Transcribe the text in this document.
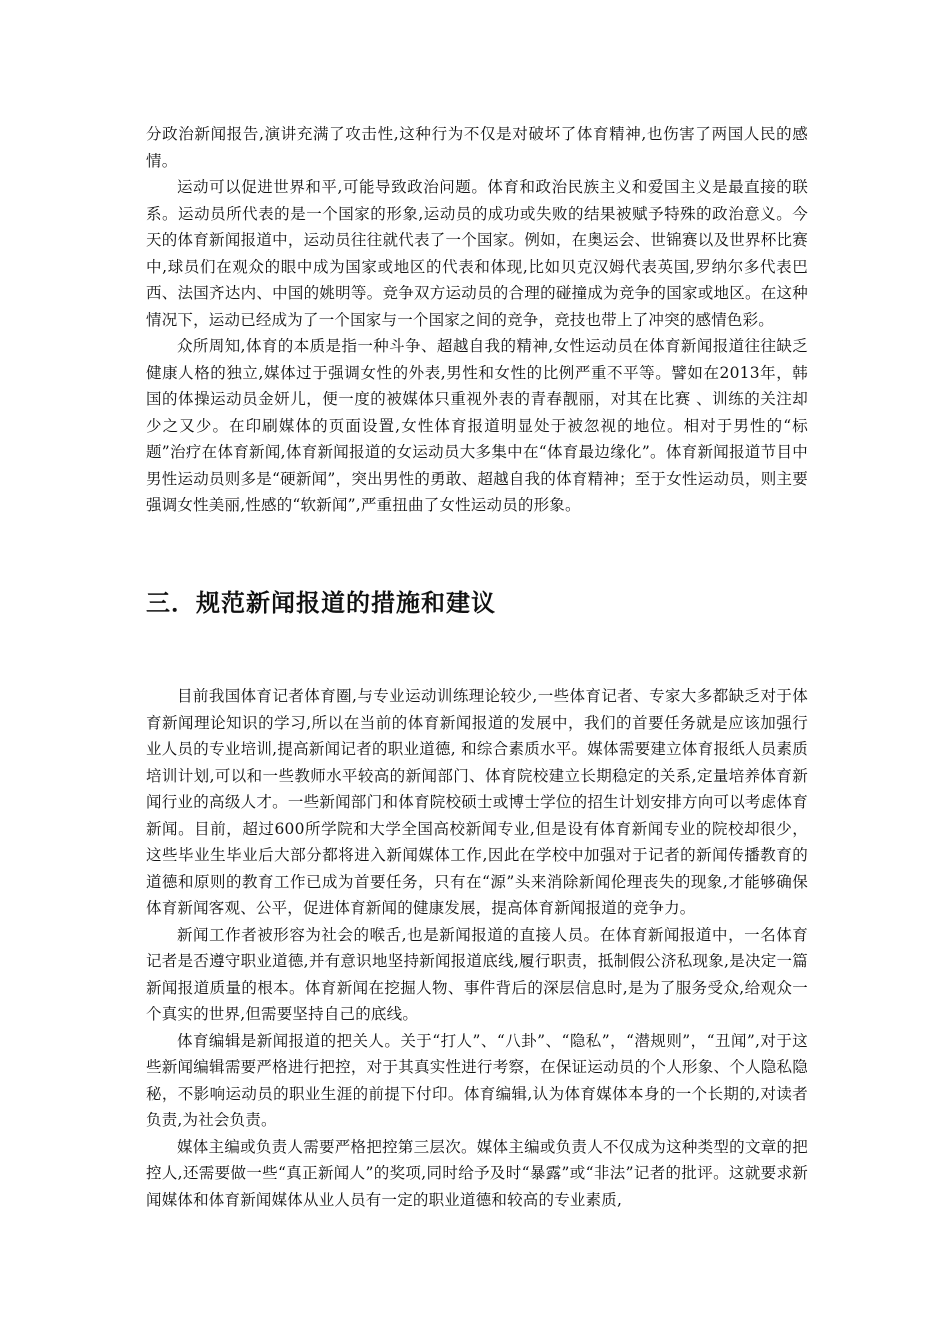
分政治新闻报告,演讲充满了攻击性,这种行为不仅是对破坏了体育精神,也伤害了两国人民的感情。

运动可以促进世界和平,可能导致政治问题。体育和政治民族主义和爱国主义是最直接的联系。运动员所代表的是一个国家的形象,运动员的成功或失败的结果被赋予特殊的政治意义。今天的体育新闻报道中，运动员往往就代表了一个国家。例如，在奥运会、世锦赛以及世界杯比赛中,球员们在观众的眼中成为国家或地区的代表和体现,比如贝克汉姆代表英国,罗纳尔多代表巴西、法国齐达内、中国的姚明等。竞争双方运动员的合理的碰撞成为竞争的国家或地区。在这种情况下，运动已经成为了一个国家与一个国家之间的竞争，竞技也带上了冲突的感情色彩。

众所周知,体育的本质是指一种斗争、超越自我的精神,女性运动员在体育新闻报道往往缺乏健康人格的独立,媒体过于强调女性的外表,男性和女性的比例严重不平等。譬如在2013年，韩国的体操运动员金妍儿，便一度的被媒体只重视外表的青春靓丽，对其在比赛 、训练的关注却少之又少。在印刷媒体的页面设置,女性体育报道明显处于被忽视的地位。相对于男性的“标题”治疗在体育新闻,体育新闻报道的女运动员大多集中在“体育最边缘化”。体育新闻报道节目中男性运动员则多是“硬新闻”，突出男性的勇敢、超越自我的体育精神；至于女性运动员，则主要强调女性美丽,性感的“软新闻”,严重扭曲了女性运动员的形象。

三．规范新闻报道的措施和建议

目前我国体育记者体育圈,与专业运动训练理论较少,一些体育记者、专家大多都缺乏对于体育新闻理论知识的学习,所以在当前的体育新闻报道的发展中，我们的首要任务就是应该加强行业人员的专业培训,提高新闻记者的职业道德, 和综合素质水平。媒体需要建立体育报纸人员素质培训计划,可以和一些教师水平较高的新闻部门、体育院校建立长期稳定的关系,定量培养体育新闻行业的高级人才。一些新闻部门和体育院校硕士或博士学位的招生计划安排方向可以考虑体育新闻。目前，超过600所学院和大学全国高校新闻专业,但是设有体育新闻专业的院校却很少，这些毕业生毕业后大部分都将进入新闻媒体工作,因此在学校中加强对于记者的新闻传播教育的道德和原则的教育工作已成为首要任务，只有在“源”头来消除新闻伦理丧失的现象,才能够确保体育新闻客观、公平，促进体育新闻的健康发展，提高体育新闻报道的竞争力。

新闻工作者被形容为社会的喉舌,也是新闻报道的直接人员。在体育新闻报道中，一名体育记者是否遵守职业道德,并有意识地坚持新闻报道底线,履行职责，抵制假公济私现象,是决定一篇新闻报道质量的根本。体育新闻在挖掘人物、事件背后的深层信息时,是为了服务受众,给观众一个真实的世界,但需要坚持自己的底线。

体育编辑是新闻报道的把关人。关于“打人”、“八卦”、“隐私”，“潜规则”，“丑闻”,对于这些新闻编辑需要严格进行把控，对于其真实性进行考察，在保证运动员的个人形象、个人隐私隐秘，不影响运动员的职业生涯的前提下付印。体育编辑,认为体育媒体本身的一个长期的,对读者负责,为社会负责。

媒体主编或负责人需要严格把控第三层次。媒体主编或负责人不仅成为这种类型的文章的把控人,还需要做一些“真正新闻人”的奖项,同时给予及时“暴露”或“非法”记者的批评。这就要求新闻媒体和体育新闻媒体从业人员有一定的职业道德和较高的专业素质,
